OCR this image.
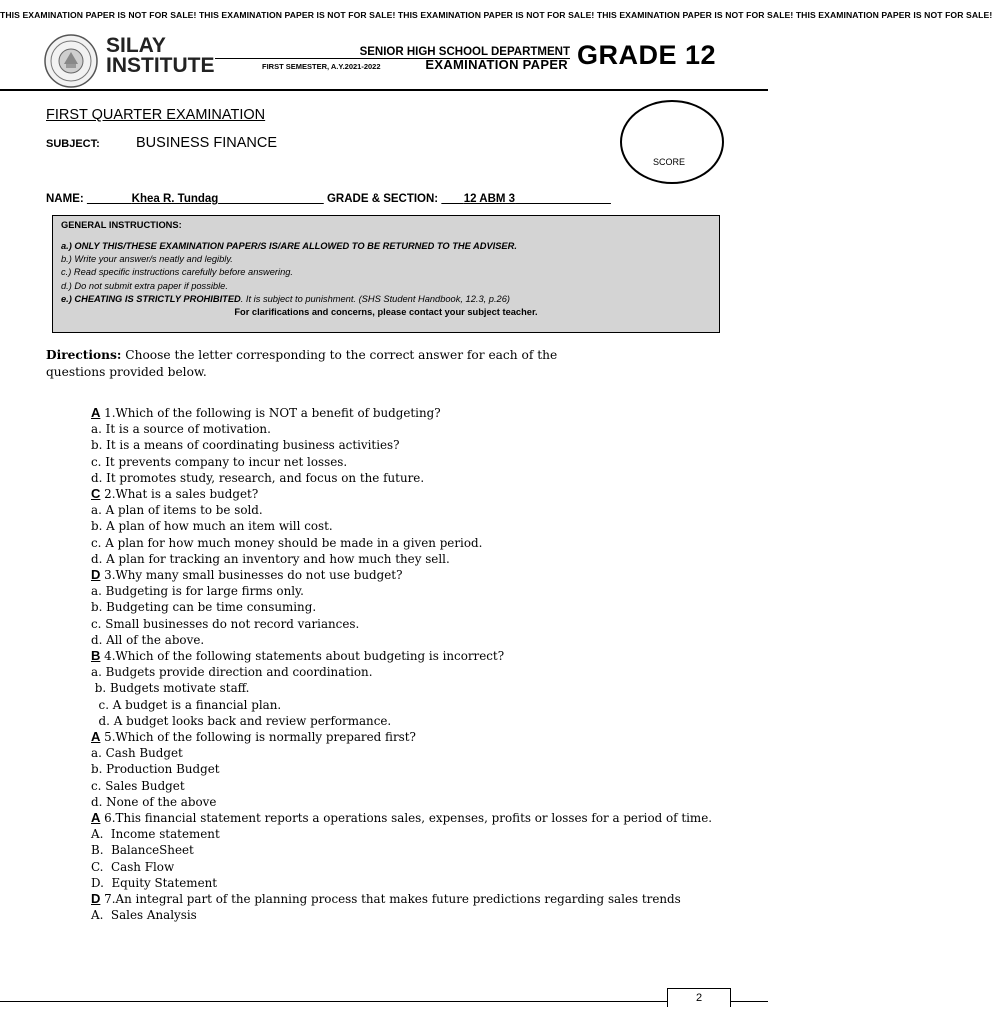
THIS EXAMINATION PAPER IS NOT FOR SALE! THIS EXAMINATION PAPER IS NOT FOR SALE! THIS EXAMINATION PAPER IS NOT FOR SALE! THIS EXAMINATION PAPER IS NOT FOR SALE! THIS EXAMINATION PAPER IS NOT FOR SALE!
SILAY
INSTITUTE
SENIOR HIGH SCHOOL DEPARTMENT
FIRST SEMESTER, A.Y.2021-2022	EXAMINATION PAPER GRADE 12
FIRST QUARTER EXAMINATION
SUBJECT: BUSINESS FINANCE
SCORE
NAME:	Khea R. Tundag	GRADE & SECTION: 12 ABM 3
GENERAL INSTRUCTIONS:
a.) ONLY THIS/THESE EXAMINATION PAPER/S IS/ARE ALLOWED TO BE RETURNED TO THE ADVISER.
b.) Write your answer/s neatly and legibly.
c.) Read specific instructions carefully before answering.
d.) Do not submit extra paper if possible.
e.) CHEATING IS STRICTLY PROHIBITED. It is subject to punishment. (SHS Student Handbook, 12.3, p.26)
For clarifications and concerns, please contact your subject teacher.
Directions: Choose the letter corresponding to the correct answer for each of the questions provided below.
A 1.Which of the following is NOT a benefit of budgeting?
a. It is a source of motivation.
b. It is a means of coordinating business activities?
c. It prevents company to incur net losses.
d. It promotes study, research, and focus on the future.
C 2.What is a sales budget?
a. A plan of items to be sold.
b. A plan of how much an item will cost.
c. A plan for how much money should be made in a given period.
d. A plan for tracking an inventory and how much they sell.
D 3.Why many small businesses do not use budget?
a. Budgeting is for large firms only.
b. Budgeting can be time consuming.
c. Small businesses do not record variances.
d. All of the above.
B 4.Which of the following statements about budgeting is incorrect?
a. Budgets provide direction and coordination.
b. Budgets motivate staff.
c. A budget is a financial plan.
d. A budget looks back and review performance.
A 5.Which of the following is normally prepared first?
a. Cash Budget
b. Production Budget
c. Sales Budget
d. None of the above
A 6.This financial statement reports a operations sales, expenses, profits or losses for a period of time.
A.  Income statement
B.  BalanceSheet
C.  Cash Flow
D.  Equity Statement
D 7.An integral part of the planning process that makes future predictions regarding sales trends
A.  Sales Analysis
2
